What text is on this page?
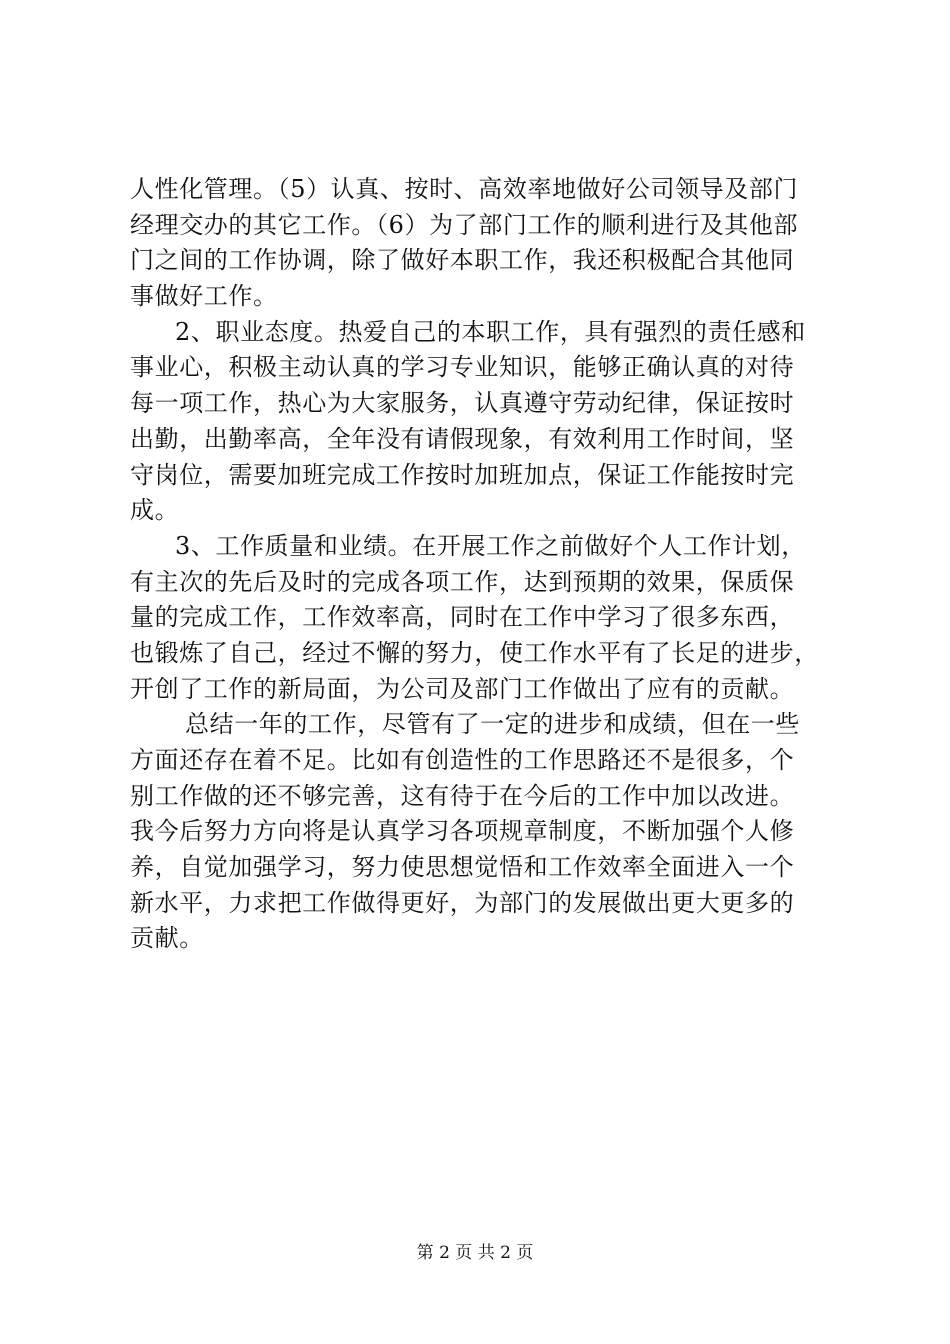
人性化管理。（5）认真、按时、高效率地做好公司领导及部门
经理交办的其它工作。（6）为了部门工作的顺利进行及其他部
门之间的工作协调，除了做好本职工作，我还积极配合其他同
事做好工作。
2、职业态度。热爱自己的本职工作，具有强烈的责任感和
事业心，积极主动认真的学习专业知识，能够正确认真的对待
每一项工作，热心为大家服务，认真遵守劳动纪律，保证按时
出勤，出勤率高，全年没有请假现象，有效利用工作时间，坚
守岗位，需要加班完成工作按时加班加点，保证工作能按时完
成。
3、工作质量和业绩。在开展工作之前做好个人工作计划，
有主次的先后及时的完成各项工作，达到预期的效果，保质保
量的完成工作，工作效率高，同时在工作中学习了很多东西，
也锻炼了自己，经过不懈的努力，使工作水平有了长足的进步，
开创了工作的新局面，为公司及部门工作做出了应有的贡献。
总结一年的工作，尽管有了一定的进步和成绩，但在一些
方面还存在着不足。比如有创造性的工作思路还不是很多，个
别工作做的还不够完善，这有待于在今后的工作中加以改进。
我今后努力方向将是认真学习各项规章制度，不断加强个人修
养，自觉加强学习，努力使思想觉悟和工作效率全面进入一个
新水平，力求把工作做得更好，为部门的发展做出更大更多的
贡献。
第 2 页 共 2 页
